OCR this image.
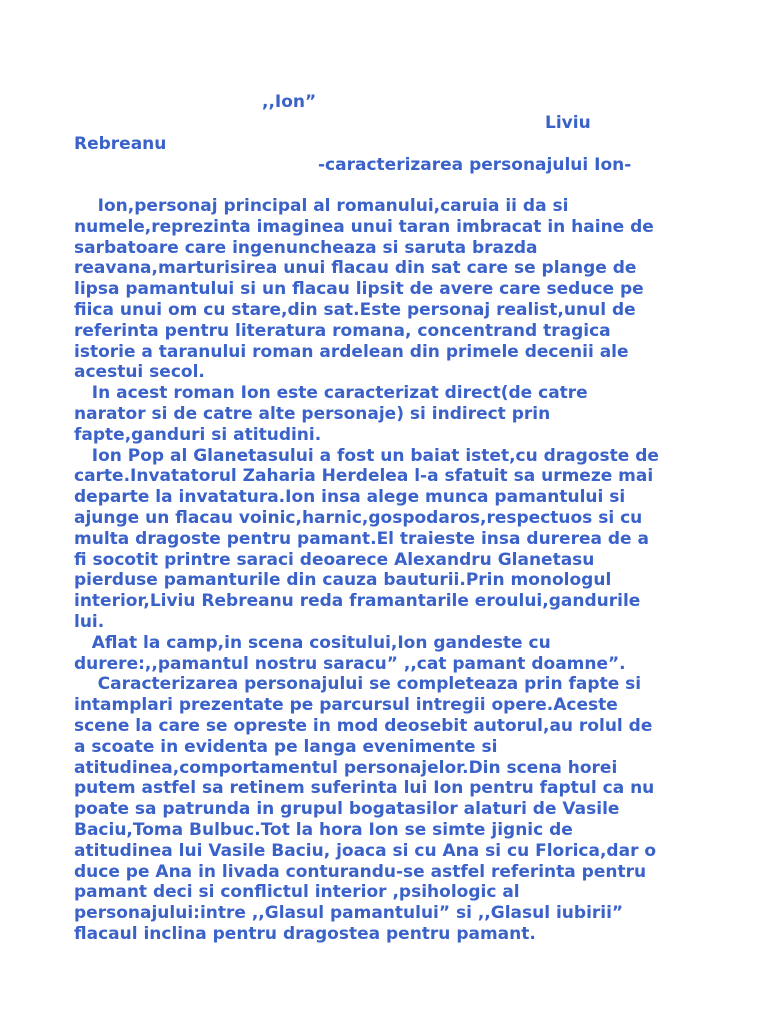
,,Ion”
Liviu
Rebreanu
-caracterizarea personajului Ion-
Ion,personaj principal al romanului,caruia ii da si
numele,reprezinta imaginea unui taran imbracat in haine de
sarbatoare care ingenuncheaza si saruta brazda
reavana,marturisirea unui flacau din sat care se plange de
lipsa pamantului si un flacau lipsit de avere care seduce pe
fiica unui om cu stare,din sat.Este personaj realist,unul de
referinta pentru literatura romana, concentrand tragica
istorie a taranului roman ardelean din primele decenii ale
acestui secol.
In acest roman Ion este caracterizat direct(de catre
narator si de catre alte personaje) si indirect prin
fapte,ganduri si atitudini.
Ion Pop al Glanetasului a fost un baiat istet,cu dragoste de
carte.Invatatorul Zaharia Herdelea l-a sfatuit sa urmeze mai
departe la invatatura.Ion insa alege munca pamantului si
ajunge un flacau voinic,harnic,gospodaros,respectuos si cu
multa dragoste pentru pamant.El traieste insa durerea de a
fi socotit printre saraci deoarece Alexandru Glanetasu
pierduse pamanturile din cauza bauturii.Prin monologul
interior,Liviu Rebreanu reda framantarile eroului,gandurile
lui.
Aflat la camp,in scena cositului,Ion gandeste cu
durere:,,pamantul nostru saracu” ,,cat pamant doamne”.
Caracterizarea personajului se completeaza prin fapte si
intamplari prezentate pe parcursul intregii opere.Aceste
scene la care se opreste in mod deosebit autorul,au rolul de
a scoate in evidenta pe langa evenimente si
atitudinea,comportamentul personajelor.Din scena horei
putem astfel sa retinem suferinta lui Ion pentru faptul ca nu
poate sa patrunda in grupul bogatasilor alaturi de Vasile
Baciu,Toma Bulbuc.Tot la hora Ion se simte jignic de
atitudinea lui Vasile Baciu, joaca si cu Ana si cu Florica,dar o
duce pe Ana in livada conturandu-se astfel referinta pentru
pamant deci si conflictul interior ,psihologic al
personajului:intre ,,Glasul pamantului” si ,,Glasul iubirii”
flacaul inclina pentru dragostea pentru pamant.
